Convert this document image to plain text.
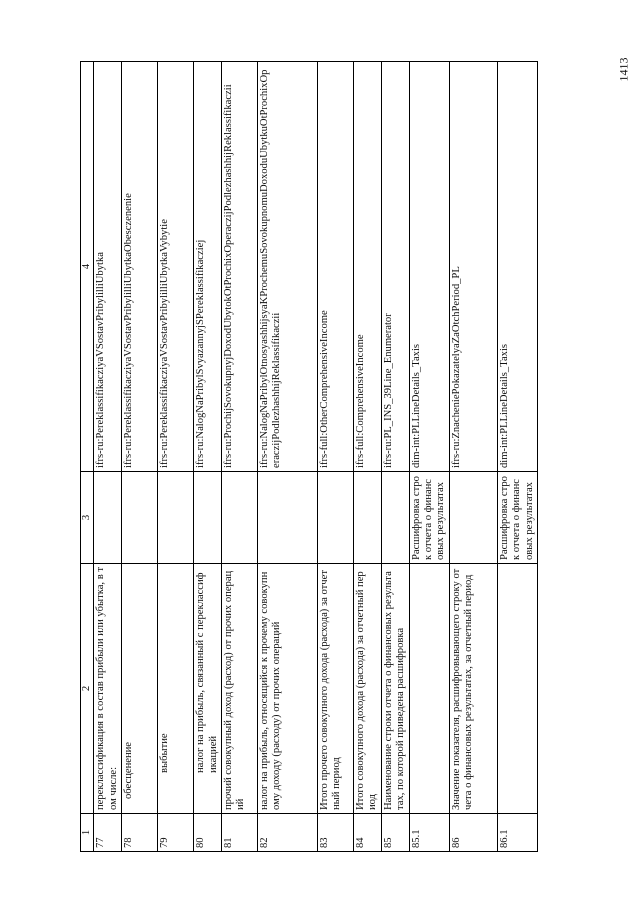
1413
1	2	3	4
77	переклассификация в состав прибыли или убытка, в том числе:		ifrs-ru:PereklassifikacziyaVSostavPribylilliUbytka
78	обесценение		ifrs-ru:PereklassifikacziyaVSostavPribylilliUbytkaObesczenenie
79	выбытие		ifrs-ru:PereklassifikacziyaVSostavPribylilliUbytkaVybytie
80	налог на прибыль, связанный с переклассификацией		ifrs-ru:NalogNaPribylSvyazannyjSPereklassifikacziej
81	прочий совокупный доход (расход) от прочих операций		ifrs-ru:ProchijSovokupnyjDoxodUbytokOtProchixOperaczijPodlezhashhijReklassifikaczii
82	налог на прибыль, относящийся к прочему совокупному доходу (расходу) от прочих операций		ifrs-ru:NalogNaPribylOtnosyashhijsyaKProchemuSovokupnomuDoxoduUbytkuOtProchixOperaczijPodlezhashhijReklassifikaczii
83	Итого прочего совокупного дохода (расхода) за отчетный период		ifrs-full:OtherComprehensiveIncome
84	Итого совокупного дохода (расхода) за отчетный период		ifrs-full:ComprehensiveIncome
85	Наименование строки отчета о финансовых результатах, по которой приведена расшифровка		ifrs-ru:PL_INS_39Line_Enumerator
85.1		Расшифровка строк отчета о финансовых результатах	dim-int:PLLineDetails_Taxis
86	Значение показателя, расшифровывающего строку отчета о финансовых результатах, за отчетный период		ifrs-ru:ZnacheniePokazatelyaZaOtchPeriod_PL
86.1		Расшифровка строк отчета о финансовых результатах	dim-int:PLLineDetails_Taxis
